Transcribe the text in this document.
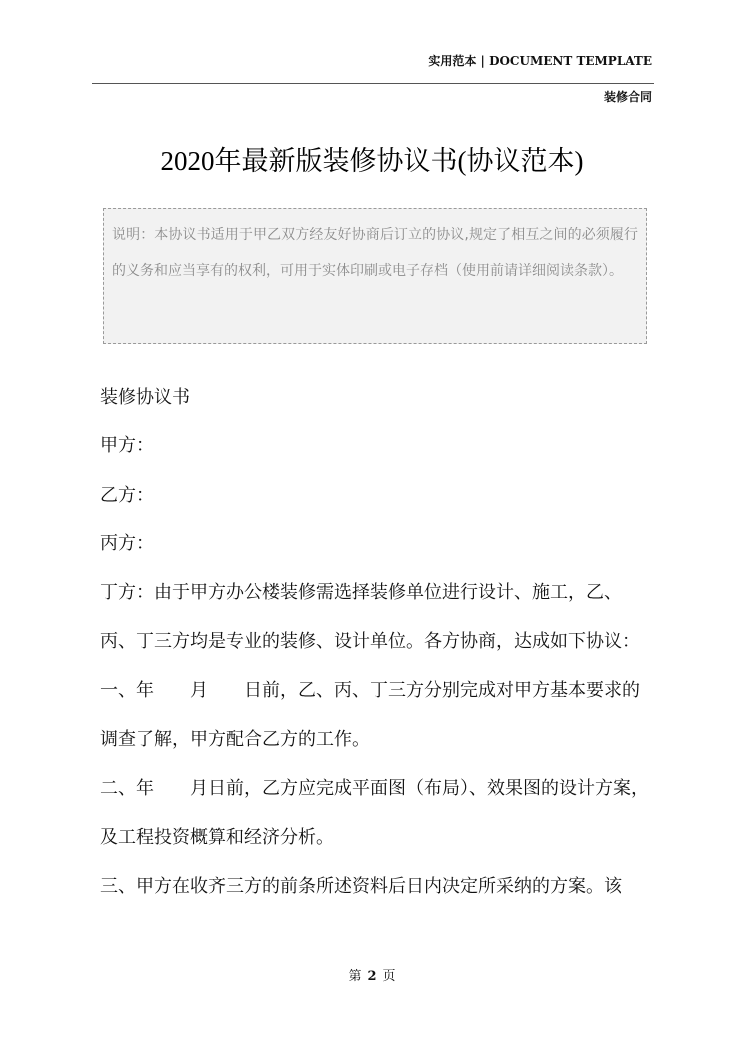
实用范本 | DOCUMENT TEMPLATE
装修合同
2020年最新版装修协议书(协议范本)

说明：本协议书适用于甲乙双方经友好协商后订立的协议,规定了相互之间的必须履行的义务和应当享有的权利，可用于实体印刷或电子存档（使用前请详细阅读条款）。

装修协议书
甲方：
乙方：
丙方：
丁方：由于甲方办公楼装修需选择装修单位进行设计、施工，乙、
丙、丁三方均是专业的装修、设计单位。各方协商，达成如下协议：
一、年　　月　　日前，乙、丙、丁三方分别完成对甲方基本要求的
调查了解，甲方配合乙方的工作。
二、年　　月日前，乙方应完成平面图（布局）、效果图的设计方案，
及工程投资概算和经济分析。
三、甲方在收齐三方的前条所述资料后日内决定所采纳的方案。该
第 2 页
